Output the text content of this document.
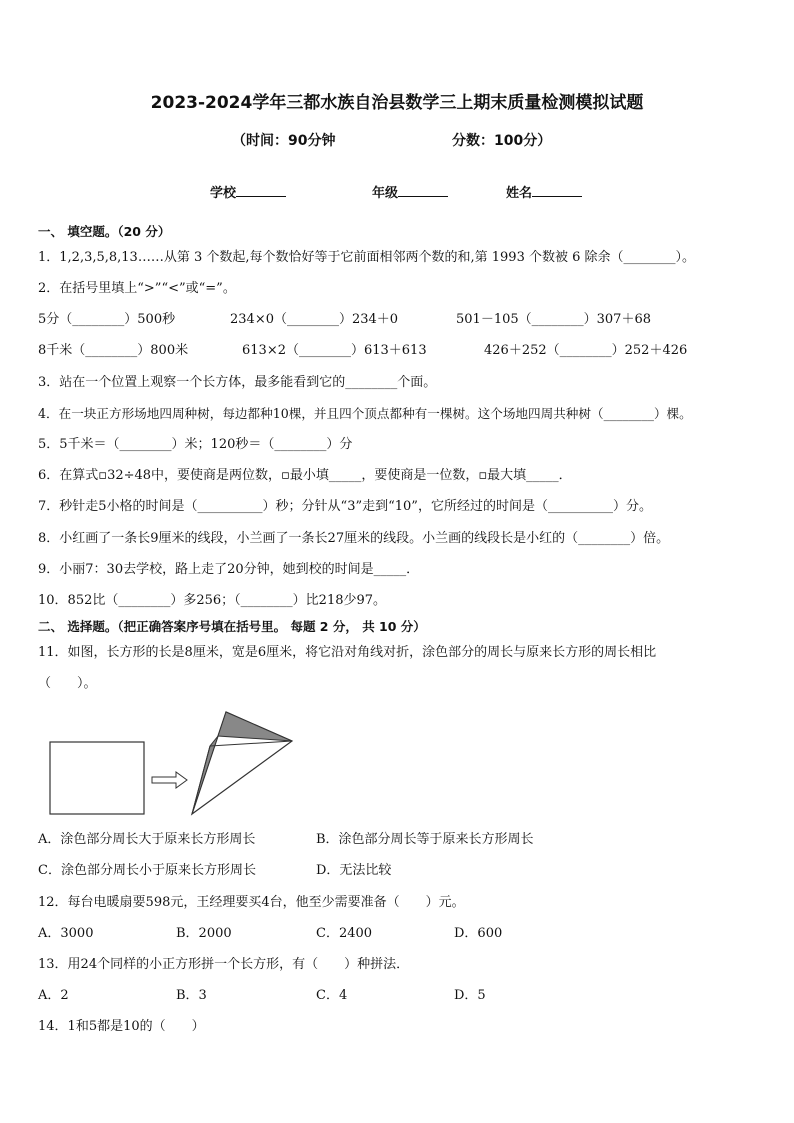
2023-2024学年三都水族自治县数学三上期末质量检测模拟试题
（时间：90分钟	分数：100分）
学校	年级	姓名
一、 填空题。（20 分）
1．1,2,3,5,8,13……从第 3 个数起,每个数恰好等于它前面相邻两个数的和,第 1993 个数被 6 除余（________）。
2．在括号里填上“>”“<”或“=”。
5分（________）500秒	234×0（________）234＋0	501－105（________）307＋68
8千米（________）800米	613×2（________）613＋613	426＋252（________）252＋426
3．站在一个位置上观察一个长方体，最多能看到它的________个面。
4．在一块正方形场地四周种树，每边都种10棵，并且四个顶点都种有一棵树。这个场地四周共种树（________）棵。
5．5千米＝（________）米；120秒＝（________）分
6．在算式▫32÷48中，要使商是两位数，▫最小填_____，要使商是一位数，▫最大填_____．
7．秒针走5小格的时间是（__________）秒；分针从“3”走到“10”，它所经过的时间是（__________）分。
8．小红画了一条长9厘米的线段，小兰画了一条长27厘米的线段。小兰画的线段长是小红的（________）倍。
9．小丽7：30去学校，路上走了20分钟，她到校的时间是_____．
10．852比（________）多256；（________）比218少97。
二、 选择题。（把正确答案序号填在括号里。 每题 2 分， 共 10 分）
11．如图，长方形的长是8厘米，宽是6厘米，将它沿对角线对折，涂色部分的周长与原来长方形的周长相比
（　　）。
A．涂色部分周长大于原来长方形周长	B．涂色部分周长等于原来长方形周长
C．涂色部分周长小于原来长方形周长	D．无法比较
12．每台电暖扇要598元，王经理要买4台，他至少需要准备（　　）元。
A．3000	B．2000	C．2400	D．600
13．用24个同样的小正方形拼一个长方形，有（　　）种拼法．
A．2	B．3	C．4	D．5
14．1和5都是10的（　　）
